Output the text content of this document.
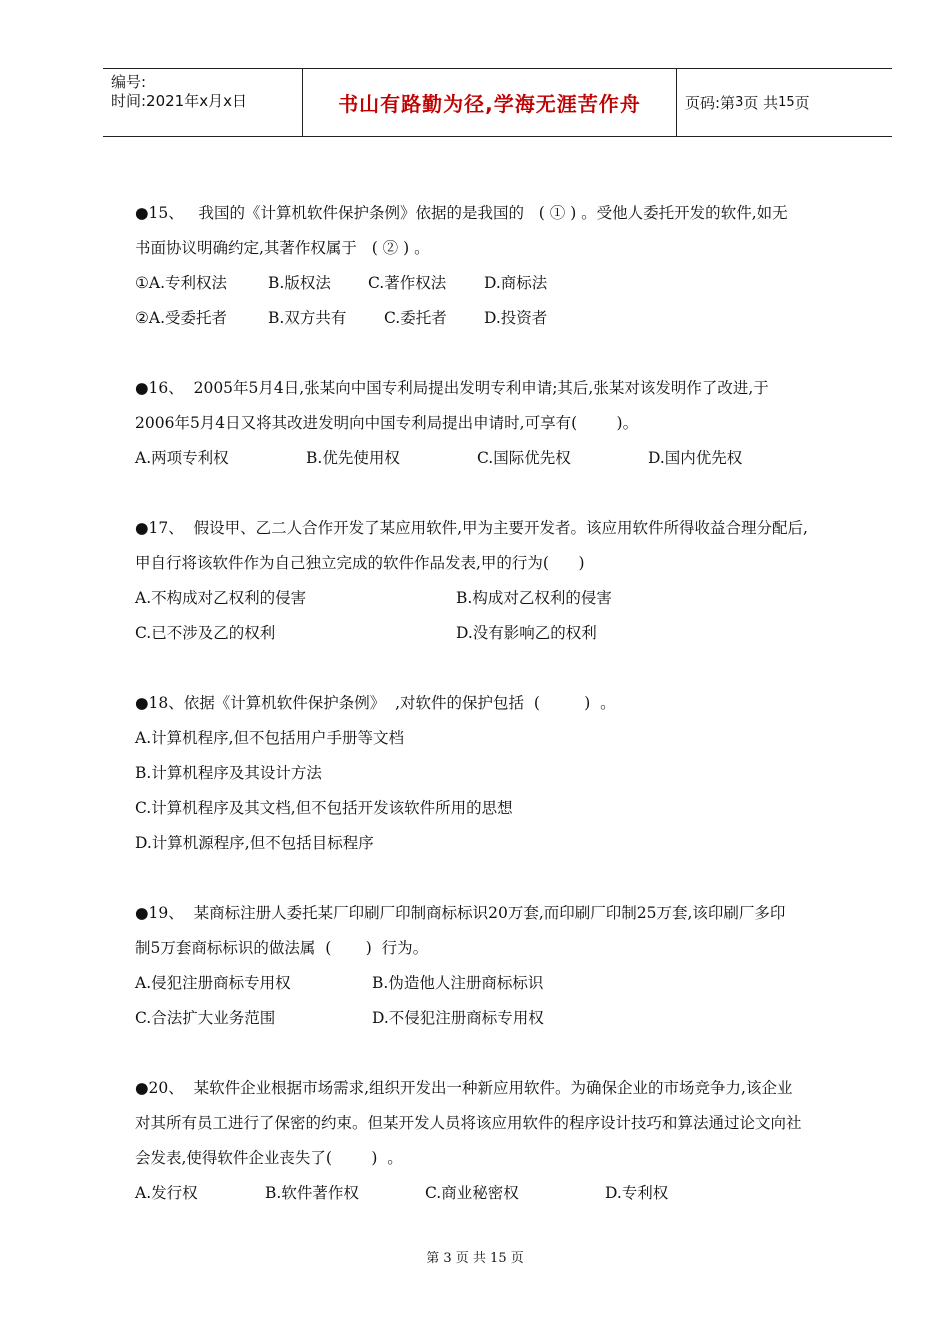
编号:
时间:2021年x月x日	书山有路勤为径,学海无涯苦作舟	页码:第 3 页 共 15 页
●15、   我国的《计算机软件保护条例》依据的是我国的   ( ① ) 。受他人委托开发的软件,如无
书面协议明确约定,其著作权属于   ( ② ) 。
①A.专利权法	B.版权法	C.著作权法	D.商标法
②A.受委托者	B.双方共有	C.委托者	D.投资者
●16、  2005年5月4日,张某向中国专利局提出发明专利申请;其后,张某对该发明作了改进,于
2006年5月4日又将其改进发明向中国专利局提出申请时,可享有(        )。
A.两项专利权	B.优先使用权	C.国际优先权	D.国内优先权
●17、  假设甲、乙二人合作开发了某应用软件,甲为主要开发者。该应用软件所得收益合理分配后,
甲自行将该软件作为自己独立完成的软件作品发表,甲的行为(      )
A.不构成对乙权利的侵害	B.构成对乙权利的侵害
C.已不涉及乙的权利	D.没有影响乙的权利
●18、依据《计算机软件保护条例》  ,对软件的保护包括  (         )  。
A.计算机程序,但不包括用户手册等文档
B.计算机程序及其设计方法
C.计算机程序及其文档,但不包括开发该软件所用的思想
D.计算机源程序,但不包括目标程序
●19、  某商标注册人委托某厂印刷厂印制商标标识20万套,而印刷厂印制25万套,该印刷厂多印
制5万套商标标识的做法属  (       )  行为。
A.侵犯注册商标专用权	B.伪造他人注册商标标识
C.合法扩大业务范围	D.不侵犯注册商标专用权
●20、  某软件企业根据市场需求,组织开发出一种新应用软件。为确保企业的市场竞争力,该企业
对其所有员工进行了保密的约束。但某开发人员将该应用软件的程序设计技巧和算法通过论文向社
会发表,使得软件企业丧失了(        )  。
A.发行权	B.软件著作权	C.商业秘密权	D.专利权
第 3 页 共 15 页
